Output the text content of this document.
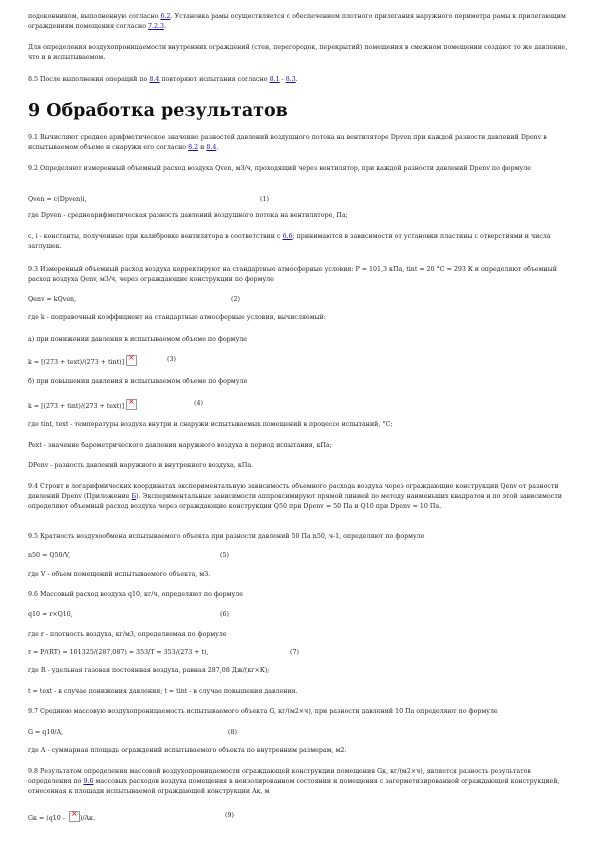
подоконником, выполненную согласно 6.2. Установка рамы осуществляется с обеспечением плотного прилегания наружного периметра рамы к прилегающим ограждениям помещения согласно 7.2.3.

Для определения воздухопроницаемости внутренних ограждений (стен, перегородок, перекрытий) помещения в смежном помещении создают то же давление, что и в испытываемом.

8.5 После выполнения операций по 8.4 повторяют испытания согласно 8.1 - 8.3.

9 Обработка результатов

9.1 Вычисляют среднее арифметическое значение разностей давлений воздушного потока на вентиляторе Dpven при каждой разности давлений Dpenv в испытываемом объеме и снаружи его согласно 8.2 и 8.4.

9.2 Определяют измеренный объемный расход воздуха Qven, м3/ч, проходящий через вентилятор, при каждой разности давлений Dpenv по формуле

Qven = c(Dpven)i,	(1)

где Dpven - среднеарифметическая разность давлений воздушного потока на вентиляторе, Па;

c, i - константы, полученные при калибровке вентилятора в соответствии с 6.6; принимаются в зависимости от установки пластины с отверстиями и числа заглушек.

9.3 Измеренный объемный расход воздуха корректируют на стандартные атмосферные условия: P = 101,3 кПа, tint = 20 °С = 293 К и определяют объемный расход воздуха Qenv, м3/ч, через ограждающие конструкции по формуле

Qenv = kQven,	(2)

где k - поправочный коэффициент на стандартные атмосферные условия, вычисляемый:

а) при понижении давления в испытываемом объеме по формуле

k = [(273 + text)/(273 + tint)] ×	(3)

б) при повышении давления в испытываемом объеме по формуле

k = [(273 + tint)/(273 + text)] ×	(4)

где tint, text - температуры воздуха внутри и снаружи испытываемых помещений в процессе испытаний, °С;

Pext - значение барометрического давления наружного воздуха в период испытания, кПа;

DPenv - разность давлений наружного и внутреннего воздуха, кПа.

9.4 Строят в логарифмических координатах экспериментальную зависимость объемного расхода воздуха через ограждающие конструкции Qenv от разности давлений Dpenv (Приложение Б). Экспериментальные зависимости аппроксимируют прямой линией по методу наименьших квадратов и по этой зависимости определяют объемный расход воздуха через ограждающие конструкции Q50 при Dpenv = 50 Па и Q10 при Dpenv = 10 Па.

9.5 Кратность воздухообмена испытываемого объекта при разности давлений 50 Па n50, ч-1, определяют по формуле

n50 = Q50/V,	(5)

где V - объем помещений испытываемого объекта, м3.

9.6 Массовый расход воздуха q10, кг/ч, определяют по формуле

q10 = r×Q10,	(6)

где r - плотность воздуха, кг/м3, определяемая по формуле

r = P/(RT) = 101325/(287,087) = 353/T = 353/(273 + t),	(7)

где R - удельная газовая постоянная воздуха, равная 287,08 Дж/(кг×К);

t = text - в случае понижения давления; t = tint - в случае повышения давления.

9.7 Среднюю массовую воздухопроницаемость испытываемого объекта G, кг/(м2×ч), при разности давлений 10 Па определяют по формуле

G = q10/A,	(8)

где A - суммарная площадь ограждений испытываемого объекта по внутренним размерам, м2.

9.8 Результатом определения массовой воздухопроницаемости ограждающей конструкции помещения Gк, кг/(м2×ч), является разность результатов определения по 9.6 массовых расходов воздуха помещения в неизолированном состоянии и помещения с загерметизированной ограждающей конструкцией, отнесенная к площади испытываемой ограждающей конструкции Aк, м

Gк = (q10 - ×)/Aк.	(9)
